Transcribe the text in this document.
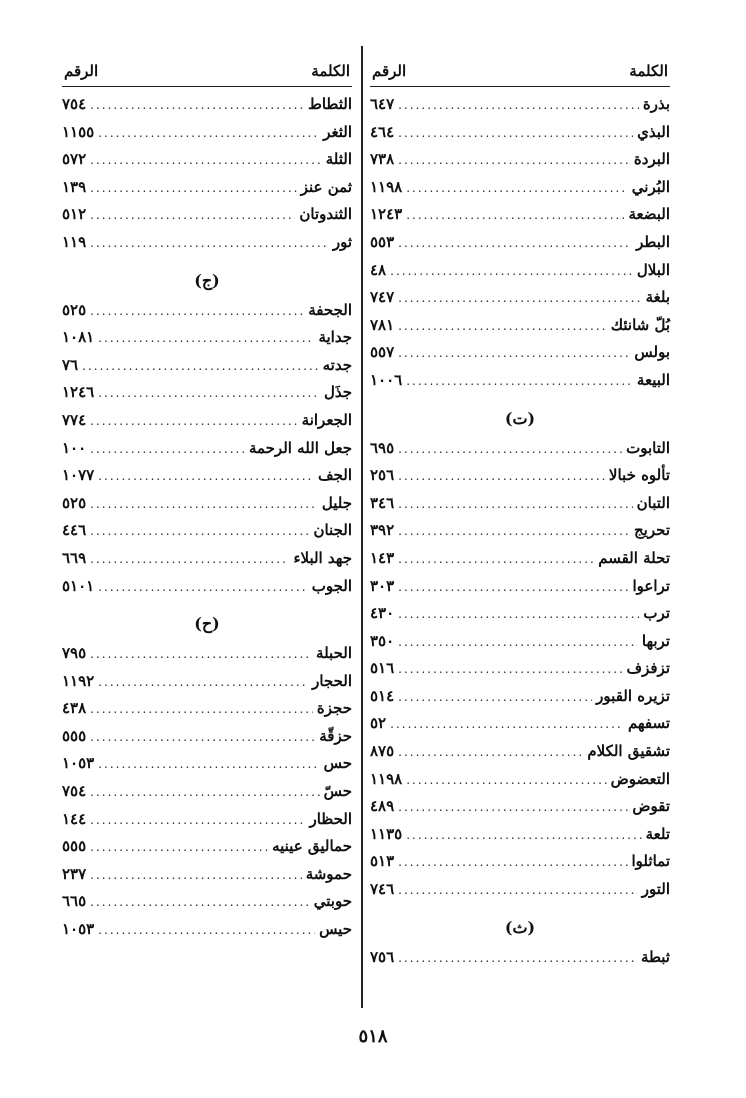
الكلمة
الرقم
بذرة
.....
٦٤٧
البذي
.....
٤٦٤
البردة
.....
٧٣٨
البُرني
.....
١١٩٨
البضعة
.....
١٢٤٣
البطر
.....
٥٥٣
البلال
.....
٤٨
بلغة
.....
٧٤٧
بُلّ شانئك
.....
٧٨١
بولس
.....
٥٥٧
البيعة
.....
١٠٠٦
(ت)
التابوت
.....
٦٩٥
تألوه خبالا
.....
٢٥٦
التبان
.....
٣٤٦
تحريج
.....
٣٩٢
تحلة القسم
.....
١٤٣
تراعوا
.....
٣٠٣
ترب
.....
٤٣٠
تربها
.....
٣٥٠
تزفزف
.....
٥١٦
تزيره القبور
.....
٥١٤
تسفهم
.....
٥٢
تشقيق الكلام
.....
٨٧٥
التعضوض
.....
١١٩٨
تقوض
.....
٤٨٩
تلعة
.....
١١٣٥
تماثلوا
.....
٥١٣
التور
.....
٧٤٦
(ث)
ثبطة
.....
٧٥٦
الكلمة
الرقم
الثطاط
.....
٧٥٤
الثغر
.....
١١٥٥
الثلة
.....
٥٧٢
ثمن عنز
.....
١٣٩
الثندوتان
.....
٥١٢
ثور
.....
١١٩
(ج)
الجحفة
.....
٥٢٥
جداية
.....
١٠٨١
جدته
.....
٧٦
جذَل
.....
١٢٤٦
الجعرانة
.....
٧٧٤
جعل الله الرحمة
.....
١٠٠
الجف
.....
١٠٧٧
جليل
.....
٥٢٥
الجنان
.....
٤٤٦
جهد البلاء
.....
٦٦٩
الجوب
.....
٥١٠١
(ح)
الحبلة
.....
٧٩٥
الحجار
.....
١١٩٢
حجزة
.....
٤٣٨
حزقّة
.....
٥٥٥
حس
.....
١٠٥٣
حسّ
.....
٧٥٤
الحظار
.....
١٤٤
حماليق عينيه
.....
٥٥٥
حموشة
.....
٢٣٧
حوبتي
.....
٦٦٥
حيس
.....
١٠٥٣
٥١٨
